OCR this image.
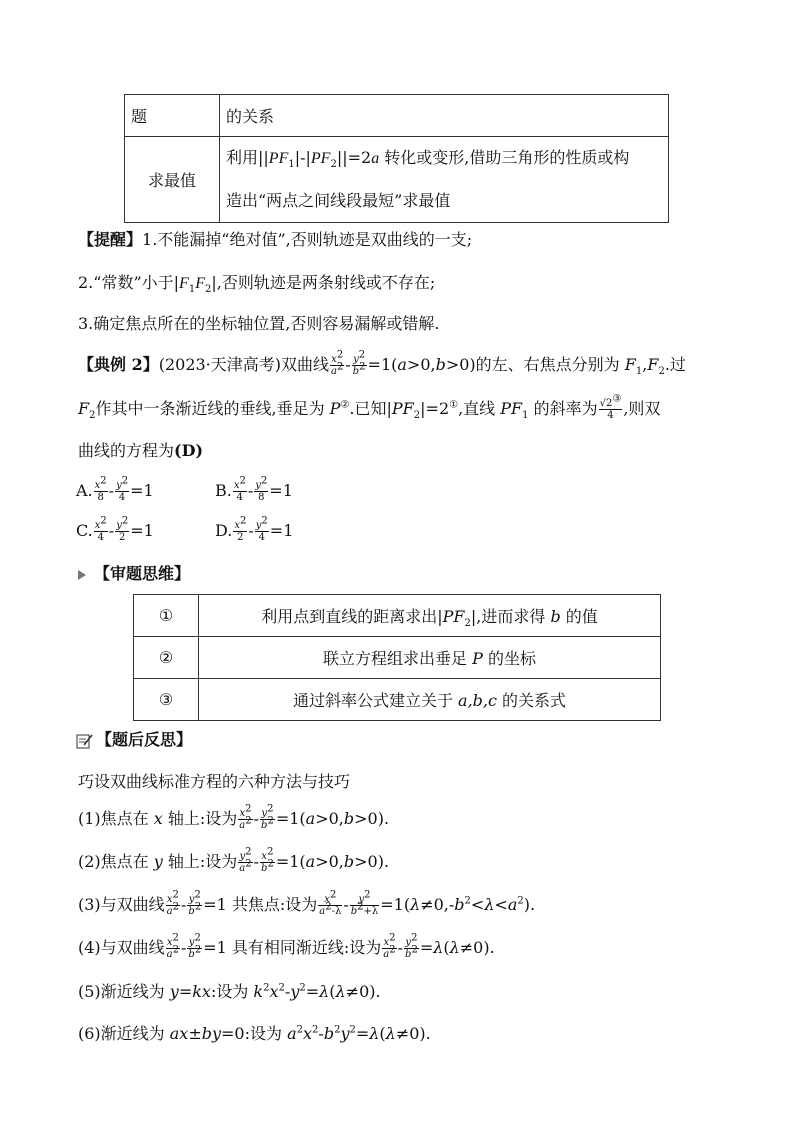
题	的关系
求最值	利用$||PF_1|-|PF_2||=2a$ 转化或变形,借助三角形的性质或构
造出“两点之间线段最短”求最值
【提醒】1.不能漏掉“绝对值”,否则轨迹是双曲线的一支;
2.“常数”小于$|F_1F_2|$,否则轨迹是两条射线或不存在;
3.确定焦点所在的坐标轴位置,否则容易漏解或错解.
【典例 2】(2023·天津高考)双曲线 $\frac{x^2}{a^2} - \frac{y^2}{b^2} =1(a>0,b>0)$的左、右焦点分别为 $F_1,F_2$.过
$F_2$作其中一条渐近线的垂线,垂足为 P②.已知$|PF_2|=2^①$,直线 $PF_1$ 的斜率为 $\frac{√2^③}{4}$ ,则双
曲线的方程为(D)
A. $\frac{x^2}{8} - \frac{y^2}{4} =1$	B. $\frac{x^2}{4} - \frac{y^2}{8} =1$
C. $\frac{x^2}{4} - \frac{y^2}{2} =1$	D. $\frac{x^2}{2} - \frac{y^2}{4} =1$
【审题思维】
①	利用点到直线的距离求出$|PF_2|$,进而求得 b 的值
②	联立方程组求出垂足 P 的坐标
③	通过斜率公式建立关于 a,b,c 的关系式
【题后反思】
巧设双曲线标准方程的六种方法与技巧
(1)焦点在 x 轴上:设为 $\frac{x^2}{a^2} - \frac{y^2}{b^2} =1(a>0,b>0)$.
(2)焦点在 y 轴上:设为 $\frac{y^2}{a^2} - \frac{x^2}{b^2} =1(a>0,b>0)$.
(3)与双曲线 $\frac{x^2}{a^2} - \frac{y^2}{b^2} =1$ 共焦点:设为 $\frac{x^2}{a^2-\lambda} - \frac{y^2}{b^2+\lambda} =1(\lambda\ne 0,-b^2<\lambda<a^2)$.
(4)与双曲线 $\frac{x^2}{a^2} - \frac{y^2}{b^2} =1$ 具有相同渐近线:设为 $\frac{x^2}{a^2} - \frac{y^2}{b^2} =\lambda(\lambda\ne 0)$.
(5)渐近线为 y=kx:设为 $k^2x^2-y^2=\lambda(\lambda\ne 0)$.
(6)渐近线为 ax±by=0:设为 $a^2x^2-b^2y^2=\lambda(\lambda\ne 0)$.
